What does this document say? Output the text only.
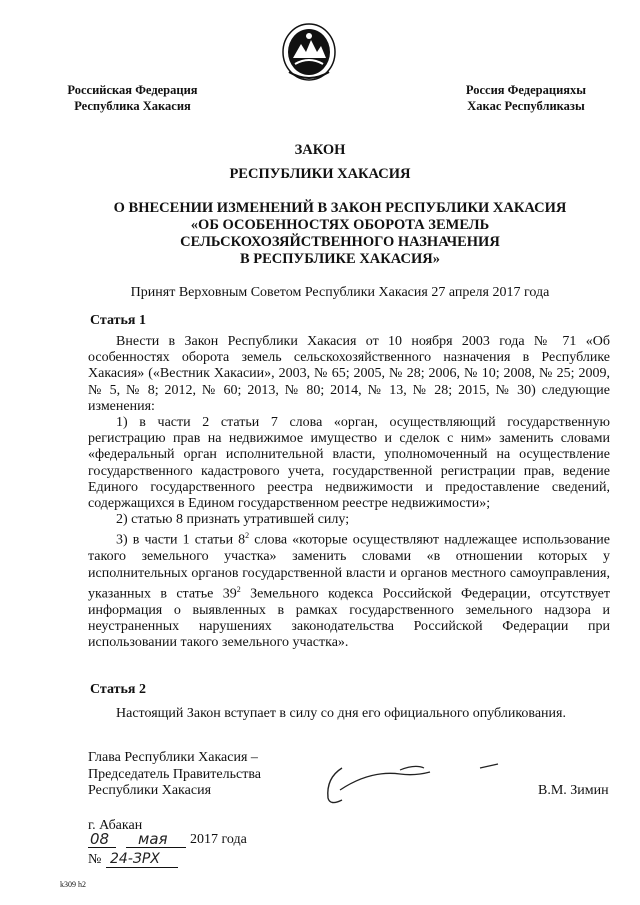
Российская Федерация
Республика Хакасия
Россия Федерацияхы
Хакас Республиказы
ЗАКОН
РЕСПУБЛИКИ ХАКАСИЯ
О ВНЕСЕНИИ ИЗМЕНЕНИЙ В ЗАКОН РЕСПУБЛИКИ ХАКАСИЯ
«ОБ ОСОБЕННОСТЯХ ОБОРОТА ЗЕМЕЛЬ
СЕЛЬСКОХОЗЯЙСТВЕННОГО НАЗНАЧЕНИЯ
В РЕСПУБЛИКЕ ХАКАСИЯ»
Принят Верховным Советом Республики Хакасия 27 апреля 2017 года
Статья 1

Внести в Закон Республики Хакасия от 10 ноября 2003 года № 71 «Об особенностях оборота земель сельскохозяйственного назначения в Республике Хакасия» («Вестник Хакасии», 2003, № 65; 2005, № 28; 2006, № 10; 2008, № 25; 2009, № 5, № 8; 2012, № 60; 2013, № 80; 2014, № 13, № 28; 2015, № 30) следующие изменения:

1) в части 2 статьи 7 слова «орган, осуществляющий государственную регистрацию прав на недвижимое имущество и сделок с ним» заменить словами «федеральный орган исполнительной власти, уполномоченный на осуществление государственного кадастрового учета, государственной регистрации прав, ведение Единого государственного реестра недвижимости и предоставление сведений, содержащихся в Едином государственном реестре недвижимости»;

2) статью 8 признать утратившей силу;

3) в части 1 статьи $8^2$ слова «которые осуществляют надлежащее использование такого земельного участка» заменить словами «в отношении которых у исполнительных органов государственной власти и органов местного самоуправления, указанных в статье $39^2$ Земельного кодекса Российской Федерации, отсутствует информация о выявленных в рамках государственного земельного надзора и неустраненных нарушениях законодательства Российской Федерации при использовании такого земельного участка».

Статья 2

Настоящий Закон вступает в силу со дня его официального опубликования.

Глава Республики Хакасия –
Председатель Правительства
Республики Хакасия	В.М. Зимин
г. Абакан
08 мая 2017 года
№ 24-ЗРХ
k309 h2
